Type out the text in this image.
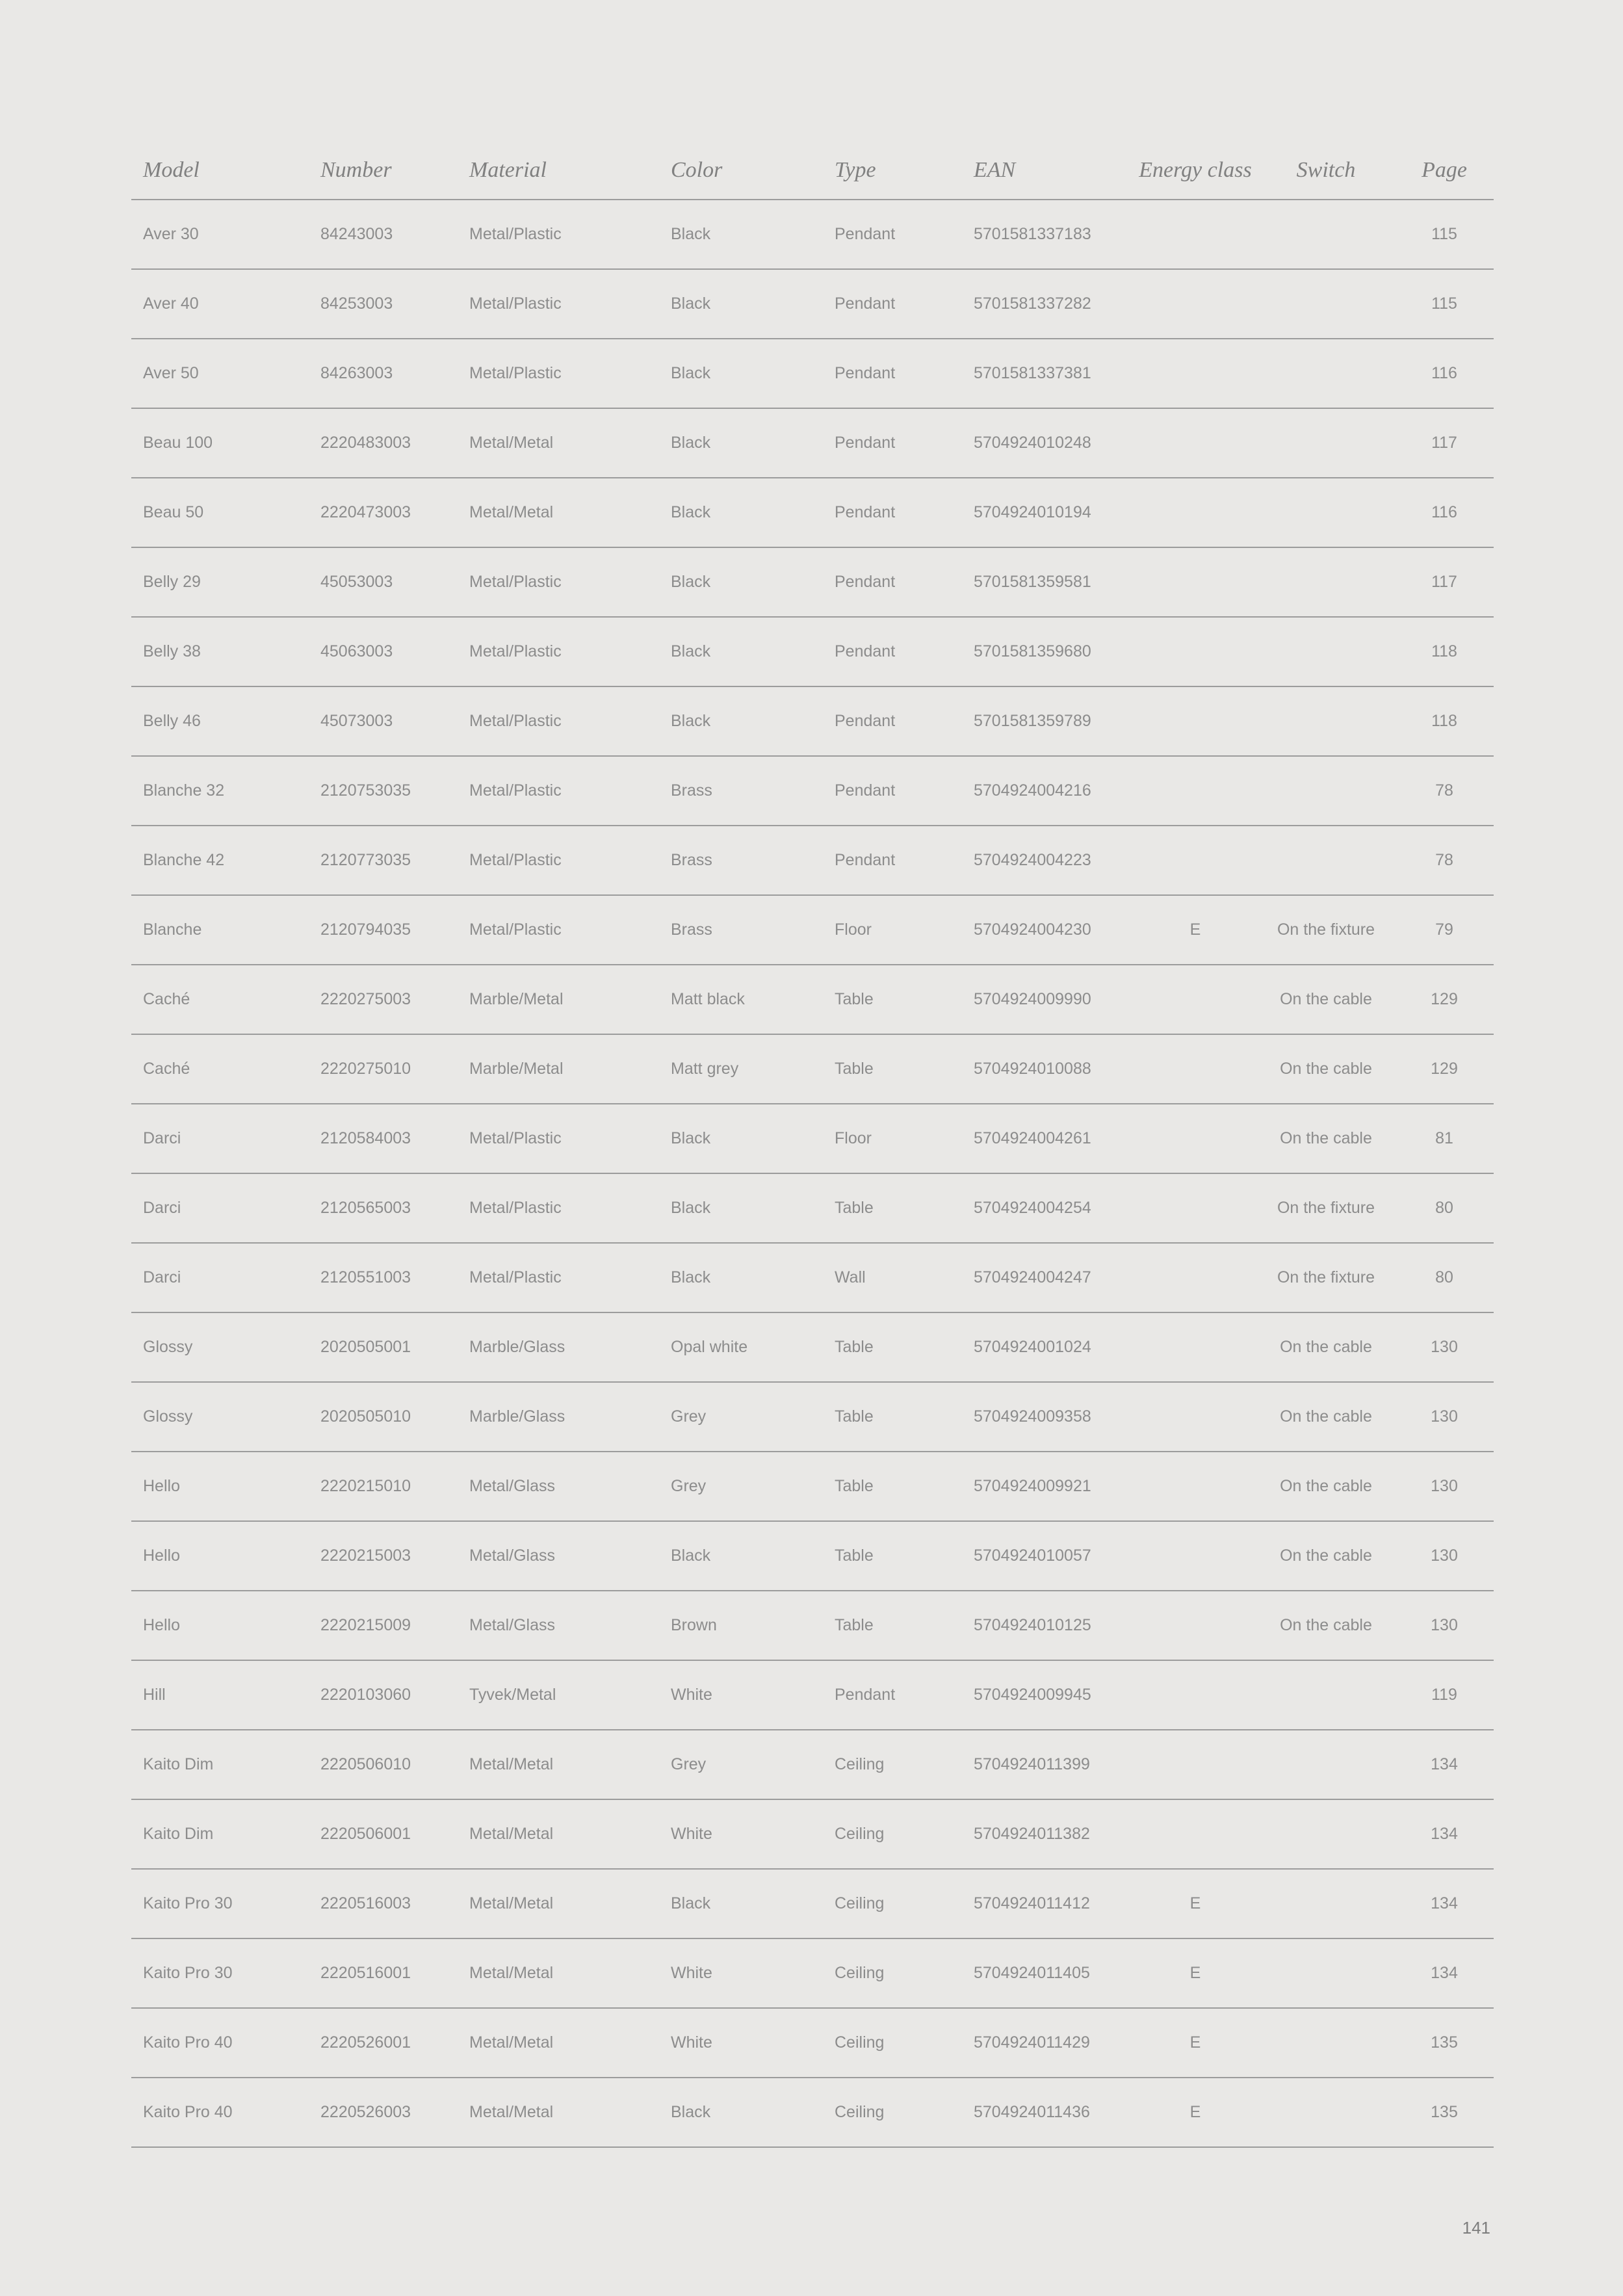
Model	Number	Material	Color	Type	EAN	Energy class	Switch	Page
Aver 30	84243003	Metal/Plastic	Black	Pendant	5701581337183			115
Aver 40	84253003	Metal/Plastic	Black	Pendant	5701581337282			115
Aver 50	84263003	Metal/Plastic	Black	Pendant	5701581337381			116
Beau 100	2220483003	Metal/Metal	Black	Pendant	5704924010248			117
Beau 50	2220473003	Metal/Metal	Black	Pendant	5704924010194			116
Belly 29	45053003	Metal/Plastic	Black	Pendant	5701581359581			117
Belly 38	45063003	Metal/Plastic	Black	Pendant	5701581359680			118
Belly 46	45073003	Metal/Plastic	Black	Pendant	5701581359789			118
Blanche 32	2120753035	Metal/Plastic	Brass	Pendant	5704924004216			78
Blanche 42	2120773035	Metal/Plastic	Brass	Pendant	5704924004223			78
Blanche	2120794035	Metal/Plastic	Brass	Floor	5704924004230	E	On the fixture	79
Caché	2220275003	Marble/Metal	Matt black	Table	5704924009990		On the cable	129
Caché	2220275010	Marble/Metal	Matt grey	Table	5704924010088		On the cable	129
Darci	2120584003	Metal/Plastic	Black	Floor	5704924004261		On the cable	81
Darci	2120565003	Metal/Plastic	Black	Table	5704924004254		On the fixture	80
Darci	2120551003	Metal/Plastic	Black	Wall	5704924004247		On the fixture	80
Glossy	2020505001	Marble/Glass	Opal white	Table	5704924001024		On the cable	130
Glossy	2020505010	Marble/Glass	Grey	Table	5704924009358		On the cable	130
Hello	2220215010	Metal/Glass	Grey	Table	5704924009921		On the cable	130
Hello	2220215003	Metal/Glass	Black	Table	5704924010057		On the cable	130
Hello	2220215009	Metal/Glass	Brown	Table	5704924010125		On the cable	130
Hill	2220103060	Tyvek/Metal	White	Pendant	5704924009945			119
Kaito Dim	2220506010	Metal/Metal	Grey	Ceiling	5704924011399			134
Kaito Dim	2220506001	Metal/Metal	White	Ceiling	5704924011382			134
Kaito Pro 30	2220516003	Metal/Metal	Black	Ceiling	5704924011412	E		134
Kaito Pro 30	2220516001	Metal/Metal	White	Ceiling	5704924011405	E		134
Kaito Pro 40	2220526001	Metal/Metal	White	Ceiling	5704924011429	E		135
Kaito Pro 40	2220526003	Metal/Metal	Black	Ceiling	5704924011436	E		135
141
